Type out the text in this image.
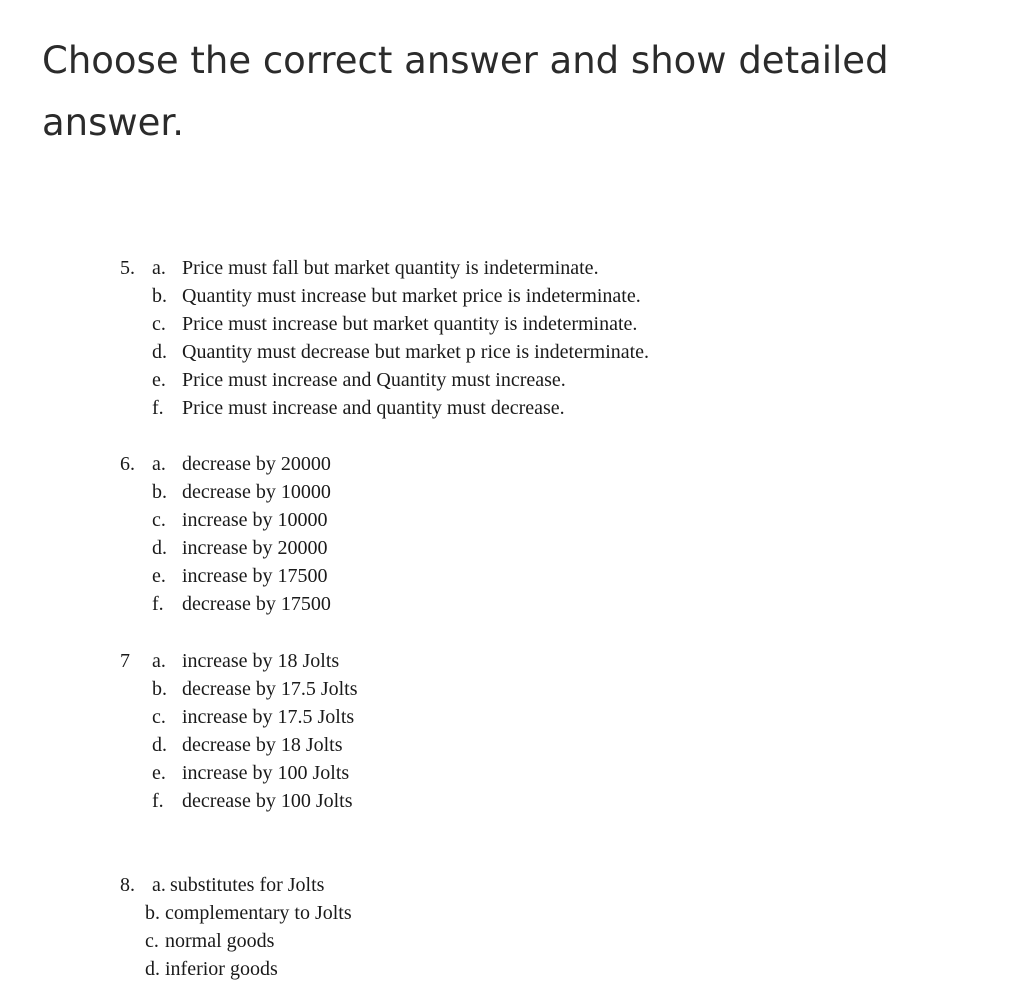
Choose the correct answer and show detailed
answer.
5. a. Price must fall but market quantity is indeterminate.
b. Quantity must increase but market price is indeterminate.
c. Price must increase but market quantity is indeterminate.
d. Quantity must decrease but market p rice is indeterminate.
e. Price must increase and Quantity must increase.
f. Price must increase and quantity must decrease.
6. a. decrease by 20000
b. decrease by 10000
c. increase by 10000
d. increase by 20000
e. increase by 17500
f. decrease by 17500
7 a. increase by 18 Jolts
b. decrease by 17.5 Jolts
c. increase by 17.5 Jolts
d. decrease by 18 Jolts
e. increase by 100 Jolts
f. decrease by 100 Jolts
8. a. substitutes for Jolts
b. complementary to Jolts
c. normal goods
d. inferior goods
